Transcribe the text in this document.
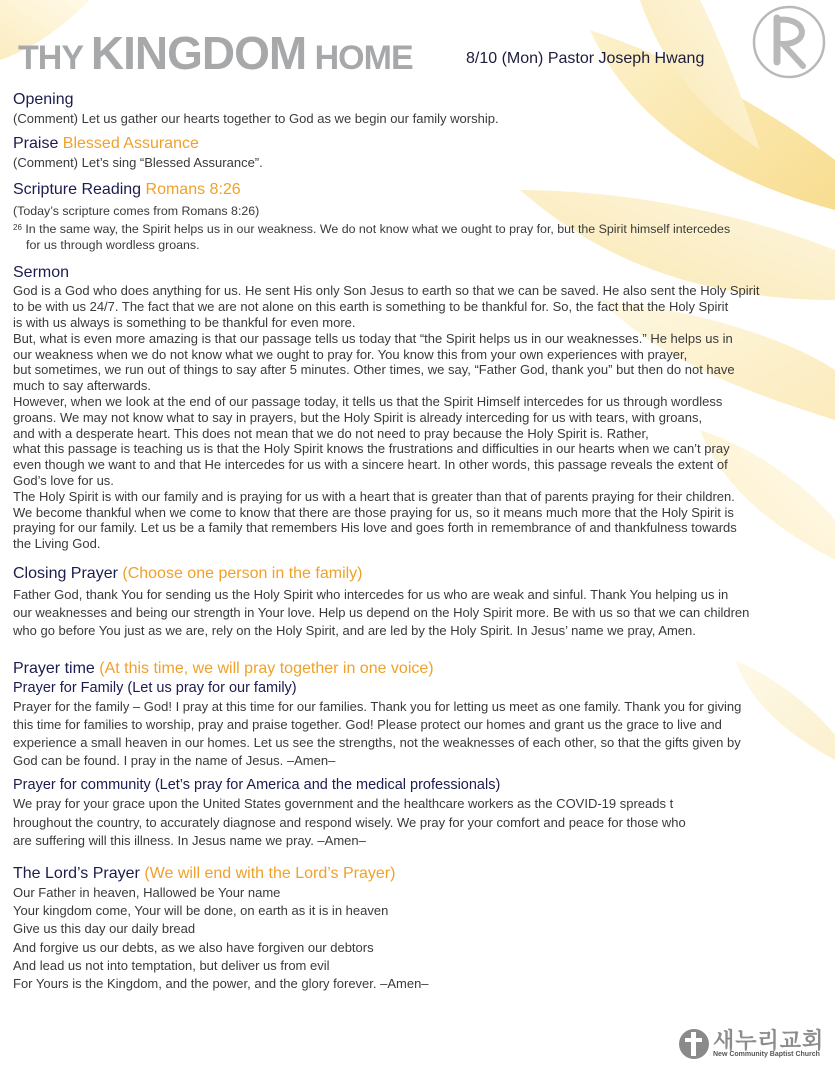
THY KINGDOM HOME	8/10 (Mon) Pastor Joseph Hwang

Opening

(Comment) Let us gather our hearts together to God as we begin our family worship.

Praise Blessed Assurance

(Comment) Let’s sing “Blessed Assurance”.

Scripture Reading Romans 8:26

(Today’s scripture comes from Romans 8:26)

$^{26}$ In the same way, the Spirit helps us in our weakness. We do not know what we ought to pray for, but the Spirit himself intercedes

for us through wordless groans.

Sermon

God is a God who does anything for us. He sent His only Son Jesus to earth so that we can be saved. He also sent the Holy Spirit

to be with us 24/7. The fact that we are not alone on this earth is something to be thankful for. So, the fact that the Holy Spirit

is with us always is something to be thankful for even more.

But, what is even more amazing is that our passage tells us today that “the Spirit helps us in our weaknesses.” He helps us in

our weakness when we do not know what we ought to pray for. You know this from your own experiences with prayer,

but sometimes, we run out of things to say after 5 minutes. Other times, we say, “Father God, thank you” but then do not have

much to say afterwards.

However, when we look at the end of our passage today, it tells us that the Spirit Himself intercedes for us through wordless

groans. We may not know what to say in prayers, but the Holy Spirit is already interceding for us with tears, with groans,

and with a desperate heart. This does not mean that we do not need to pray because the Holy Spirit is. Rather,

what this passage is teaching us is that the Holy Spirit knows the frustrations and difficulties in our hearts when we can’t pray

even though we want to and that He intercedes for us with a sincere heart. In other words, this passage reveals the extent of

God’s love for us.

The Holy Spirit is with our family and is praying for us with a heart that is greater than that of parents praying for their children.

We become thankful when we come to know that there are those praying for us, so it means much more that the Holy Spirit is

praying for our family. Let us be a family that remembers His love and goes forth in remembrance of and thankfulness towards

the Living God.

Closing Prayer (Choose one person in the family)

Father God, thank You for sending us the Holy Spirit who intercedes for us who are weak and sinful. Thank You helping us in

our weaknesses and being our strength in Your love. Help us depend on the Holy Spirit more. Be with us so that we can children

who go before You just as we are, rely on the Holy Spirit, and are led by the Holy Spirit. In Jesus’ name we pray, Amen.

Prayer time (At this time, we will pray together in one voice)

Prayer for Family (Let us pray for our family)

Prayer for the family – God! I pray at this time for our families. Thank you for letting us meet as one family. Thank you for giving

this time for families to worship, pray and praise together. God! Please protect our homes and grant us the grace to live and

experience a small heaven in our homes. Let us see the strengths, not the weaknesses of each other, so that the gifts given by

God can be found. I pray in the name of Jesus. –Amen–

Prayer for community (Let’s pray for America and the medical professionals)

We pray for your grace upon the United States government and the healthcare workers as the COVID-19 spreads t

hroughout the country, to accurately diagnose and respond wisely. We pray for your comfort and peace for those who

are suffering will this illness. In Jesus name we pray. –Amen–

The Lord’s Prayer (We will end with the Lord’s Prayer)

Our Father in heaven, Hallowed be Your name

Your kingdom come, Your will be done, on earth as it is in heaven

Give us this day our daily bread

And forgive us our debts, as we also have forgiven our debtors

And lead us not into temptation, but deliver us from evil

For Yours is the Kingdom, and the power, and the glory forever. –Amen–

새누리교회
New Community Baptist Church
